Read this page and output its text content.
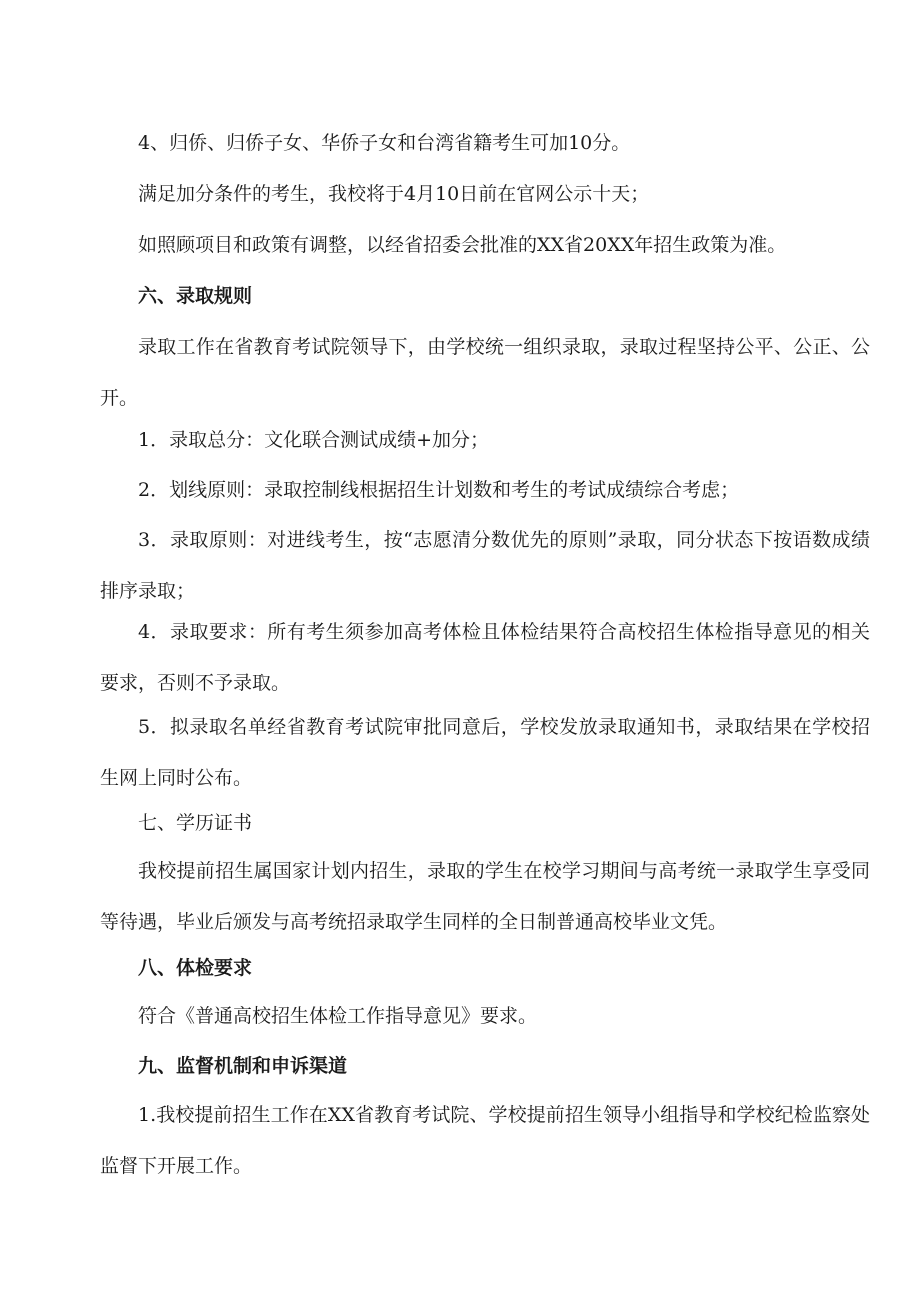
4、归侨、归侨子女、华侨子女和台湾省籍考生可加10分。

满足加分条件的考生，我校将于4月10日前在官网公示十天；

如照顾项目和政策有调整，以经省招委会批准的XX省20XX年招生政策为准。

六、录取规则

录取工作在省教育考试院领导下，由学校统一组织录取，录取过程坚持公平、公正、公开。

1．录取总分：文化联合测试成绩+加分；

2．划线原则：录取控制线根据招生计划数和考生的考试成绩综合考虑；

3．录取原则：对进线考生，按“志愿清分数优先的原则”录取，同分状态下按语数成绩排序录取；

4．录取要求：所有考生须参加高考体检且体检结果符合高校招生体检指导意见的相关要求，否则不予录取。

5．拟录取名单经省教育考试院审批同意后，学校发放录取通知书，录取结果在学校招生网上同时公布。

七、学历证书

我校提前招生属国家计划内招生，录取的学生在校学习期间与高考统一录取学生享受同等待遇，毕业后颁发与高考统招录取学生同样的全日制普通高校毕业文凭。

八、体检要求

符合《普通高校招生体检工作指导意见》要求。

九、监督机制和申诉渠道

1.我校提前招生工作在XX省教育考试院、学校提前招生领导小组指导和学校纪检监察处监督下开展工作。
